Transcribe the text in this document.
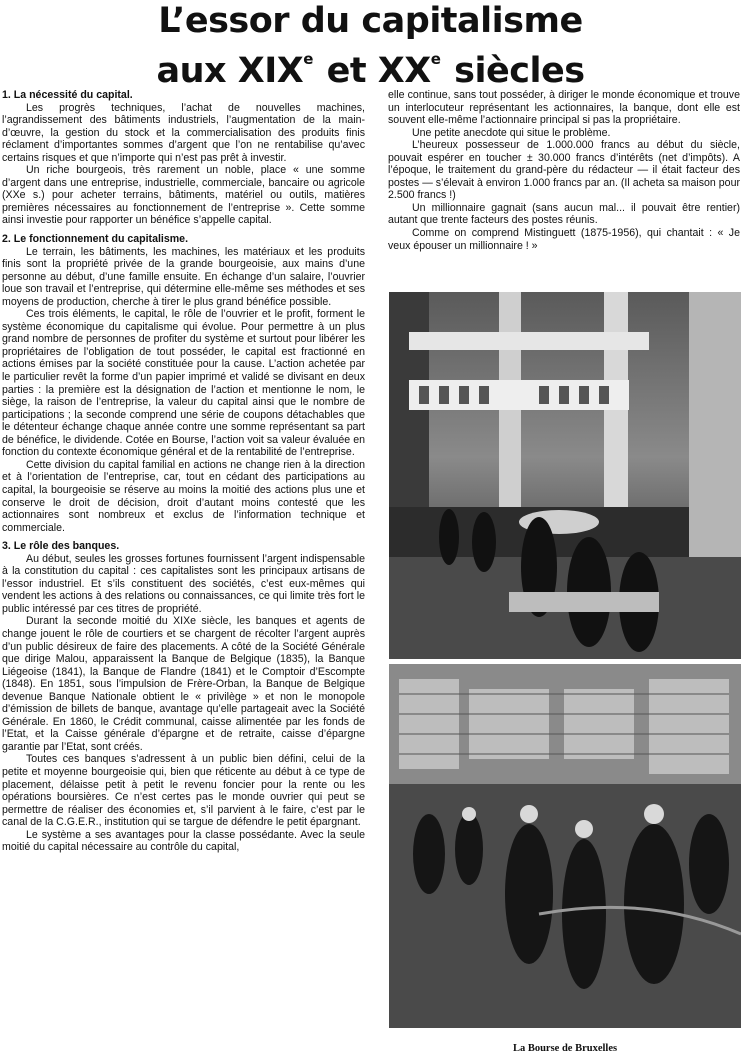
L’essor du capitalisme
aux XIXe et XXe siècles
1. La nécessité du capital.

Les progrès techniques, l’achat de nouvelles machines, l’agrandissement des bâtiments industriels, l’augmentation de la main-d’œuvre, la gestion du stock et la commercialisation des produits finis réclament d’importantes sommes d’argent que l’on ne rentabilise qu’avec certains risques et que n’importe qui n’est pas prêt à investir.

Un riche bourgeois, très rarement un noble, place « une somme d’argent dans une entreprise, industrielle, commerciale, bancaire ou agricole (XXe s.) pour acheter terrains, bâtiments, matériel ou outils, matières premières nécessaires au fonctionnement de l’entreprise ». Cette somme ainsi investie pour rapporter un bénéfice s’appelle capital.

2. Le fonctionnement du capitalisme.

Le terrain, les bâtiments, les machines, les matériaux et les produits finis sont la propriété privée de la grande bourgeoisie, aux mains d’une personne au début, d’une famille ensuite. En échange d’un salaire, l’ouvrier loue son travail et l’entreprise, qui détermine elle-même ses méthodes et ses moyens de production, cherche à tirer le plus grand bénéfice possible.

Ces trois éléments, le capital, le rôle de l’ouvrier et le profit, forment le système économique du capitalisme qui évolue. Pour permettre à un plus grand nombre de personnes de profiter du système et surtout pour libérer les propriétaires de l’obligation de tout posséder, le capital est fractionné en actions émises par la société constituée pour la cause. L’action achetée par le particulier revêt la forme d’un papier imprimé et validé se divisant en deux parties : la première est la désignation de l’action et mentionne le nom, le siège, la raison de l’entreprise, la valeur du capital ainsi que le nombre de participations ; la seconde comprend une série de coupons détachables que le détenteur échange chaque année contre une somme représentant sa part de bénéfice, le dividende. Cotée en Bourse, l’action voit sa valeur évaluée en fonction du contexte économique général et de la rentabilité de l’entreprise.

Cette division du capital familial en actions ne change rien à la direction et à l’orientation de l’entreprise, car, tout en cédant des participations au capital, la bourgeoisie se réserve au moins la moitié des actions plus une et conserve le droit de décision, droit d’autant moins contesté que les actionnaires sont nombreux et exclus de l’information technique et commerciale.

3. Le rôle des banques.

Au début, seules les grosses fortunes fournissent l’argent indispensable à la constitution du capital : ces capitalistes sont les principaux artisans de l’essor industriel. Et s’ils constituent des sociétés, c’est eux-mêmes qui vendent les actions à des relations ou connaissances, ce qui limite très fort le public intéressé par ces titres de propriété.

Durant la seconde moitié du XIXe siècle, les banques et agents de change jouent le rôle de courtiers et se chargent de récolter l’argent auprès d’un public désireux de faire des placements. A côté de la Société Générale que dirige Malou, apparaissent la Banque de Belgique (1835), la Banque Liégeoise (1841), la Banque de Flandre (1841) et le Comptoir d’Escompte (1848). En 1851, sous l’impulsion de Frère-Orban, la Banque de Belgique devenue Banque Nationale obtient le « privilège » et non le monopole d’émission de billets de banque, avantage qu’elle partageait avec la Société Générale. En 1860, le Crédit communal, caisse alimentée par les fonds de l’Etat, et la Caisse générale d’épargne et de retraite, caisse d’épargne garantie par l’Etat, sont créés.

Toutes ces banques s’adressent à un public bien défini, celui de la petite et moyenne bourgeoisie qui, bien que réticente au début à ce type de placement, délaisse petit à petit le revenu foncier pour la rente ou les opérations boursières. Ce n’est certes pas le monde ouvrier qui peut se permettre de réaliser des économies et, s’il parvient à le faire, c’est par le canal de la C.G.E.R., institution qui se targue de défendre le petit épargnant.

Le système a ses avantages pour la classe possédante. Avec la seule moitié du capital nécessaire au contrôle du capital,

elle continue, sans tout posséder, à diriger le monde économique et trouve un interlocuteur représentant les actionnaires, la banque, dont elle est souvent elle-même l’actionnaire principal si pas la propriétaire.

Une petite anecdote qui situe le problème.

L’heureux possesseur de 1.000.000 francs au début du siècle, pouvait espérer en toucher ± 30.000 francs d’intérêts (net d’impôts). A l’époque, le traitement du grand-père du rédacteur — il était facteur des postes — s’élevait à environ 1.000 francs par an. (Il acheta sa maison pour 2.500 francs !)

Un millionnaire gagnait (sans aucun mal... il pouvait être rentier) autant que trente facteurs des postes réunis.

Comme on comprend Mistinguett (1875-1956), qui chantait : « Je veux épouser un millionnaire ! »

La Bourse de Bruxelles
